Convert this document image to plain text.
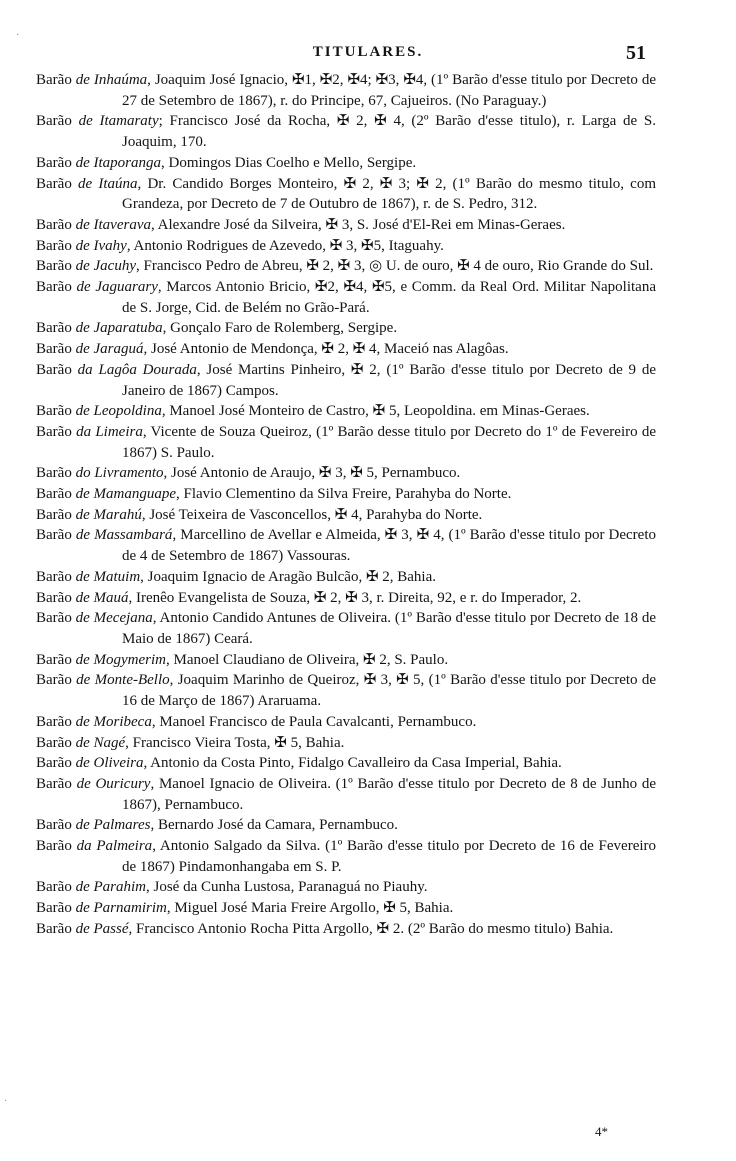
TITULARES.	51

Barão de Inhaúma, Joaquim José Ignacio, ✠1, ✠2, ✠4; ✠3, ✠4, (1º Barão d'esse titulo por Decreto de 27 de Setembro de 1867), r. do Principe, 67, Cajueiros. (No Paraguay.)

Barão de Itamaraty; Francisco José da Rocha, ✠ 2, ✠ 4, (2º Barão d'esse titulo), r. Larga de S. Joaquim, 170.

Barão de Itaporanga, Domingos Dias Coelho e Mello, Sergipe.

Barão de Itaúna, Dr. Candido Borges Monteiro, ✠ 2, ✠ 3; ✠ 2, (1º Barão do mesmo titulo, com Grandeza, por Decreto de 7 de Outubro de 1867), r. de S. Pedro, 312.

Barão de Itaverava, Alexandre José da Silveira, ✠ 3, S. José d'El-Rei em Minas-Geraes.

Barão de Ivahy, Antonio Rodrigues de Azevedo, ✠ 3, ✠5, Itaguahy.

Barão de Jacuhy, Francisco Pedro de Abreu, ✠ 2, ✠ 3, ◎ U. de ouro, ✠ 4 de ouro, Rio Grande do Sul.

Barão de Jaguarary, Marcos Antonio Bricio, ✠2, ✠4, ✠5, e Comm. da Real Ord. Militar Napolitana de S. Jorge, Cid. de Belém no Grão-Pará.

Barão de Japaratuba, Gonçalo Faro de Rolemberg, Sergipe.

Barão de Jaraguá, José Antonio de Mendonça, ✠ 2, ✠ 4, Maceió nas Alagôas.

Barão da Lagôa Dourada, José Martins Pinheiro, ✠ 2, (1º Barão d'esse titulo por Decreto de 9 de Janeiro de 1867) Campos.

Barão de Leopoldina, Manoel José Monteiro de Castro, ✠ 5, Leopoldina. em Minas-Geraes.

Barão da Limeira, Vicente de Souza Queiroz, (1º Barão desse titulo por Decreto do 1º de Fevereiro de 1867) S. Paulo.

Barão do Livramento, José Antonio de Araujo, ✠ 3, ✠ 5, Pernambuco.

Barão de Mamanguape, Flavio Clementino da Silva Freire, Parahyba do Norte.

Barão de Marahú, José Teixeira de Vasconcellos, ✠ 4, Parahyba do Norte.

Barão de Massambará, Marcellino de Avellar e Almeida, ✠ 3, ✠ 4, (1º Barão d'esse titulo por Decreto de 4 de Setembro de 1867) Vassouras.

Barão de Matuim, Joaquim Ignacio de Aragão Bulcão, ✠ 2, Bahia.

Barão de Mauá, Irenêo Evangelista de Souza, ✠ 2, ✠ 3, r. Direita, 92, e r. do Imperador, 2.

Barão de Mecejana, Antonio Candido Antunes de Oliveira. (1º Barão d'esse titulo por Decreto de 18 de Maio de 1867) Ceará.

Barão de Mogymerim, Manoel Claudiano de Oliveira, ✠ 2, S. Paulo.

Barão de Monte-Bello, Joaquim Marinho de Queiroz, ✠ 3, ✠ 5, (1º Barão d'esse titulo por Decreto de 16 de Março de 1867) Araruama.

Barão de Moribeca, Manoel Francisco de Paula Cavalcanti, Pernambuco.

Barão de Nagé, Francisco Vieira Tosta, ✠ 5, Bahia.

Barão de Oliveira, Antonio da Costa Pinto, Fidalgo Cavalleiro da Casa Imperial, Bahia.

Barão de Ouricury, Manoel Ignacio de Oliveira. (1º Barão d'esse titulo por Decreto de 8 de Junho de 1867), Pernambuco.

Barão de Palmares, Bernardo José da Camara, Pernambuco.

Barão da Palmeira, Antonio Salgado da Silva. (1º Barão d'esse titulo por Decreto de 16 de Fevereiro de 1867) Pindamonhangaba em S. P.

Barão de Parahim, José da Cunha Lustosa, Paranaguá no Piauhy.

Barão de Parnamirim, Miguel José Maria Freire Argollo, ✠ 5, Bahia.

Barão de Passé, Francisco Antonio Rocha Pitta Argollo, ✠ 2. (2º Barão do mesmo titulo) Bahia.

4*
·
·
